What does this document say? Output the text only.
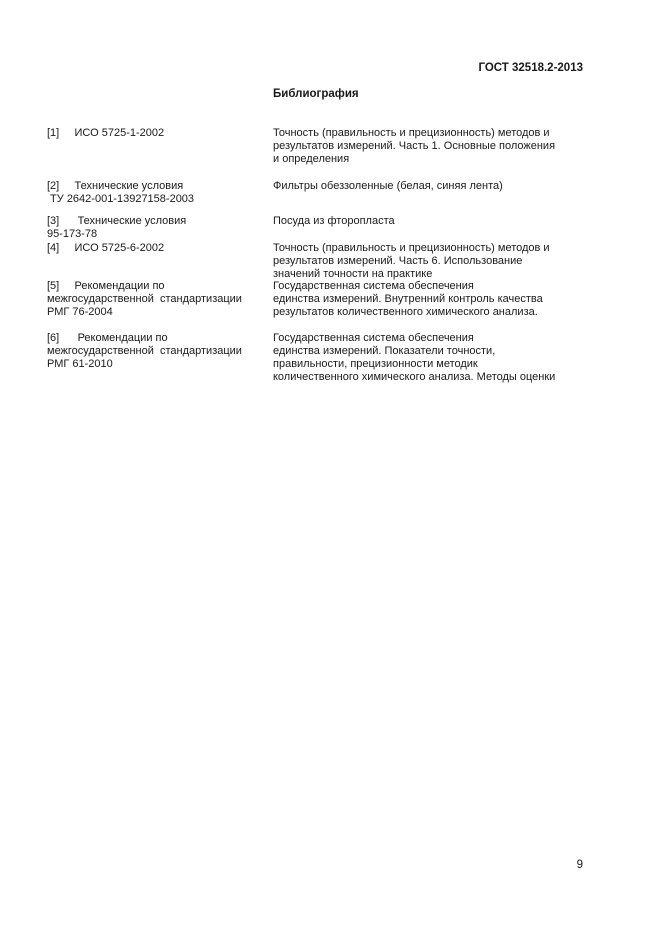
ГОСТ 32518.2-2013
Библиография
[1]     ИСО 5725-1-2002	Точность (правильность и прецизионность) методов и
результатов измерений. Часть 1. Основные положения
и определения
[2]     Технические условия
ТУ 2642-001-13927158-2003
Фильтры обеззоленные (белая, синяя лента)
[3]      Технические условия
95-173-78
Посуда из фторопласта
[4]     ИСО 5725-6-2002	Точность (правильность и прецизионность) методов и
результатов измерений. Часть 6. Использование
значений точности на практике
[5]     Рекомендации по
межгосударственной  стандартизации
РМГ 76-2004
Государственная система обеспечения
единства измерений. Внутренний контроль качества
результатов количественного химического анализа.
[6]      Рекомендации по
межгосударственной  стандартизации
РМГ 61-2010
Государственная система обеспечения
единства измерений. Показатели точности,
правильности, прецизионности методик
количественного химического анализа. Методы оценки
9
